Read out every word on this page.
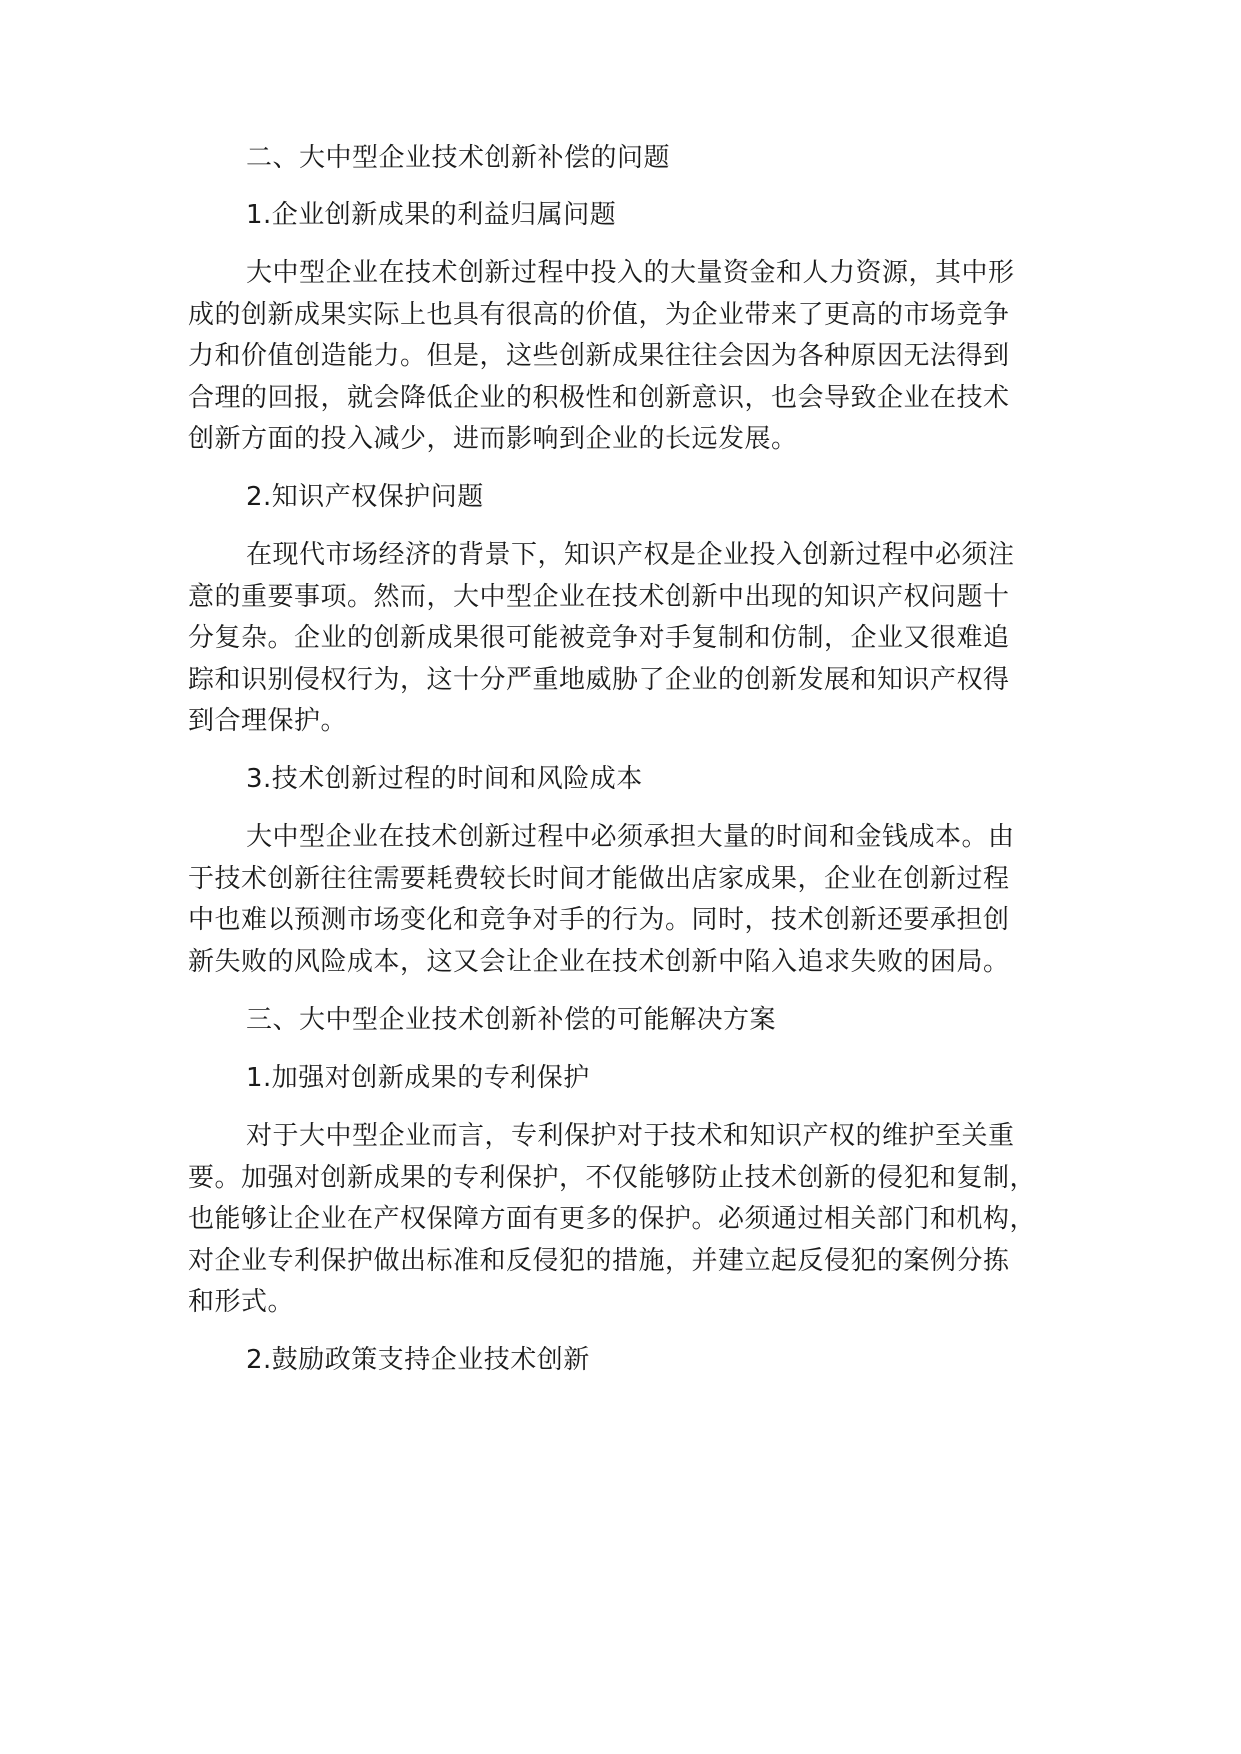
二、大中型企业技术创新补偿的问题
1.企业创新成果的利益归属问题
大中型企业在技术创新过程中投入的大量资金和人力资源，其中形
成的创新成果实际上也具有很高的价值，为企业带来了更高的市场竞争
力和价值创造能力。但是，这些创新成果往往会因为各种原因无法得到
合理的回报，就会降低企业的积极性和创新意识，也会导致企业在技术
创新方面的投入减少，进而影响到企业的长远发展。
2.知识产权保护问题
在现代市场经济的背景下，知识产权是企业投入创新过程中必须注
意的重要事项。然而，大中型企业在技术创新中出现的知识产权问题十
分复杂。企业的创新成果很可能被竞争对手复制和仿制，企业又很难追
踪和识别侵权行为，这十分严重地威胁了企业的创新发展和知识产权得
到合理保护。
3.技术创新过程的时间和风险成本
大中型企业在技术创新过程中必须承担大量的时间和金钱成本。由
于技术创新往往需要耗费较长时间才能做出店家成果，企业在创新过程
中也难以预测市场变化和竞争对手的行为。同时，技术创新还要承担创
新失败的风险成本，这又会让企业在技术创新中陷入追求失败的困局。
三、大中型企业技术创新补偿的可能解决方案
1.加强对创新成果的专利保护
对于大中型企业而言，专利保护对于技术和知识产权的维护至关重
要。加强对创新成果的专利保护，不仅能够防止技术创新的侵犯和复制，
也能够让企业在产权保障方面有更多的保护。必须通过相关部门和机构，
对企业专利保护做出标准和反侵犯的措施，并建立起反侵犯的案例分拣
和形式。
2.鼓励政策支持企业技术创新
